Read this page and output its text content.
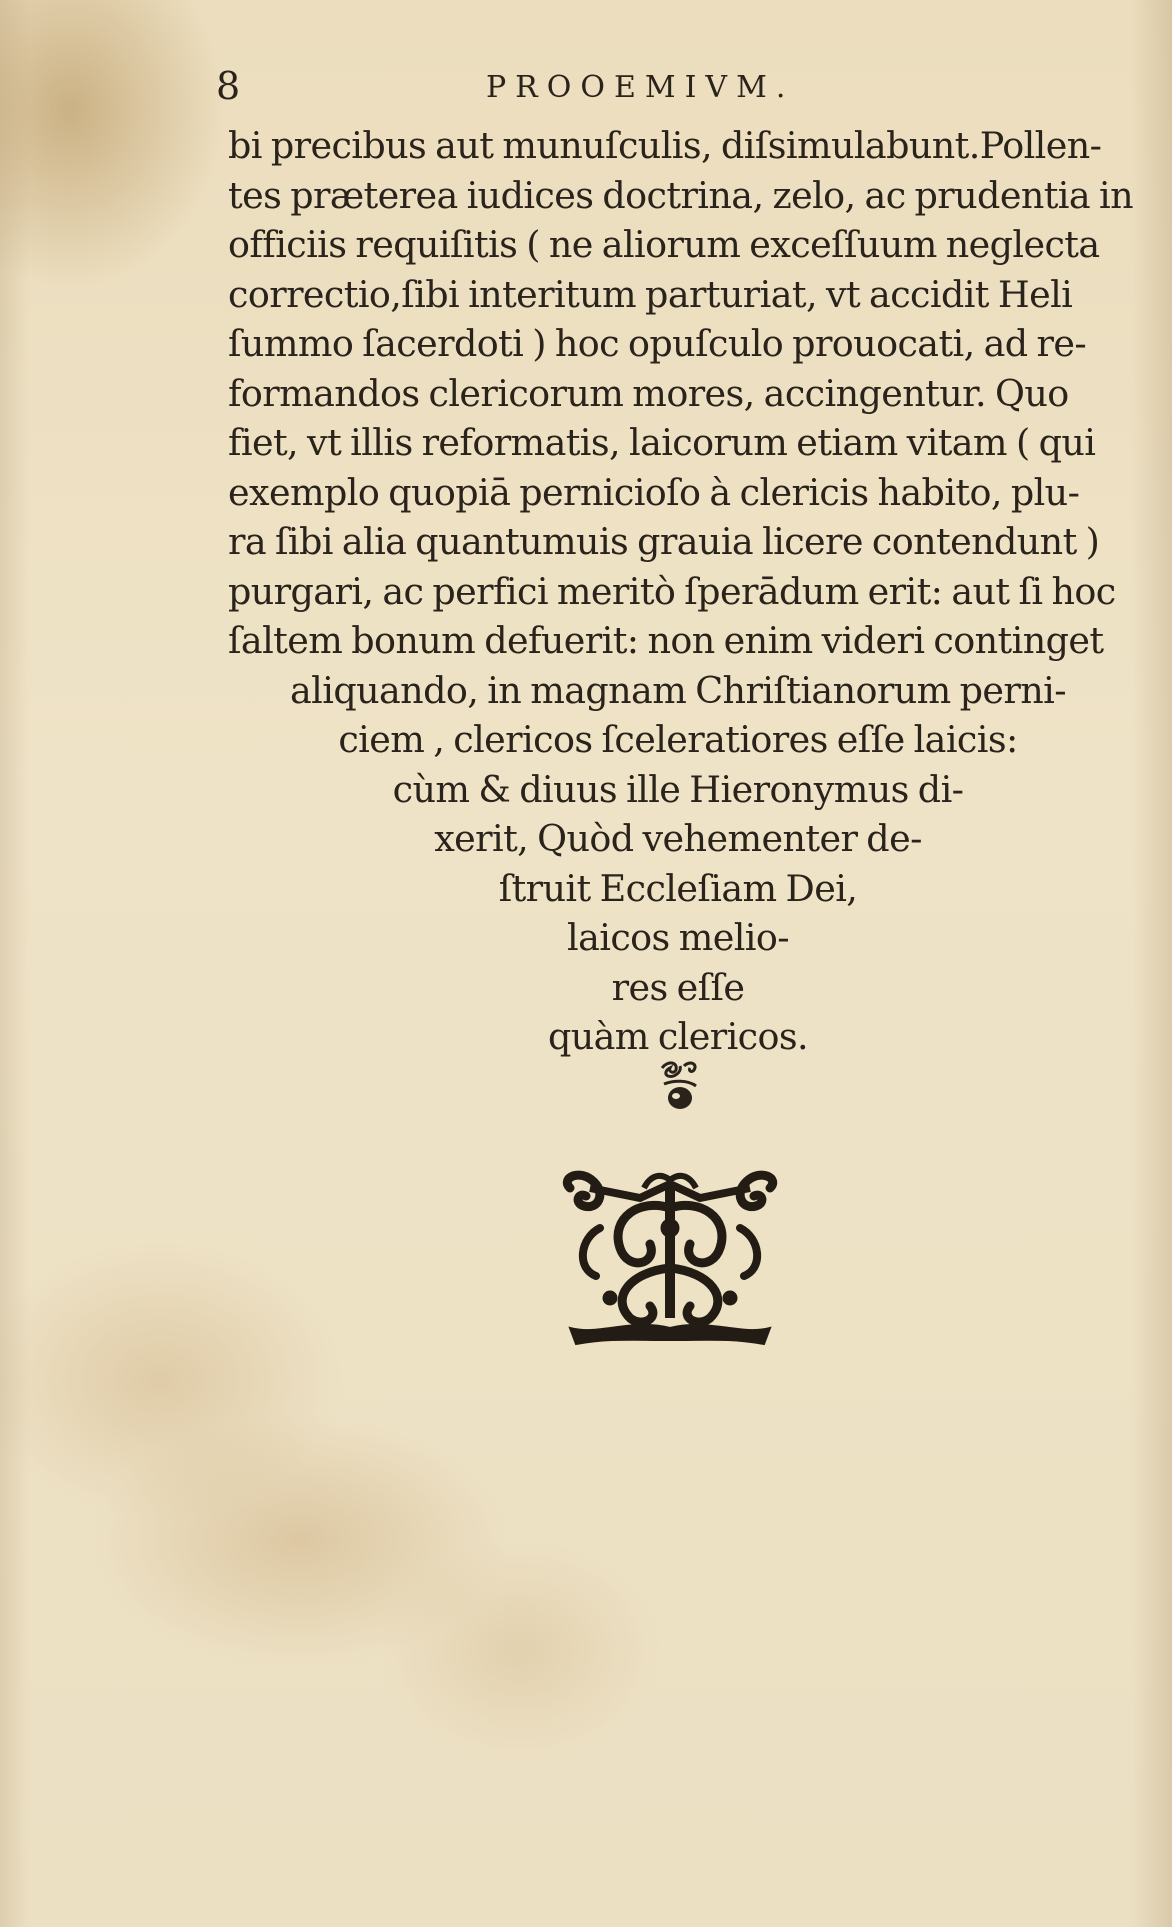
8	PROOEMIVM.
bi precibus aut munuſculis, diſsimulabunt.Pollen-
tes prӕterea iudices doctrina, zelo, ac prudentia in
officiis requiſitis ( ne aliorum exceſſuum neglecta
correctio,ſibi interitum parturiat, vt accidit Heli
ſummo ſacerdoti ) hoc opuſculo prouocati, ad re-
formandos clericorum mores, accingentur. Quo
fiet, vt illis reformatis, laicorum etiam vitam ( qui
exemplo quopiā pernicioſo à clericis habito, plu-
ra ſibi alia quantumuis grauia licere contendunt )
purgari, ac perfici meritò ſperādum erit: aut ſi hoc
ſaltem bonum defuerit: non enim videri continget
aliquando, in magnam Chriſtianorum perni-
ciem , clericos ſceleratiores eſſe laicis:
cùm & diuus ille Hieronymus di-
xerit, Quòd vehementer de-
ſtruit Eccleſiam Dei,
laicos melio-
res eſſe
quàm clericos.
